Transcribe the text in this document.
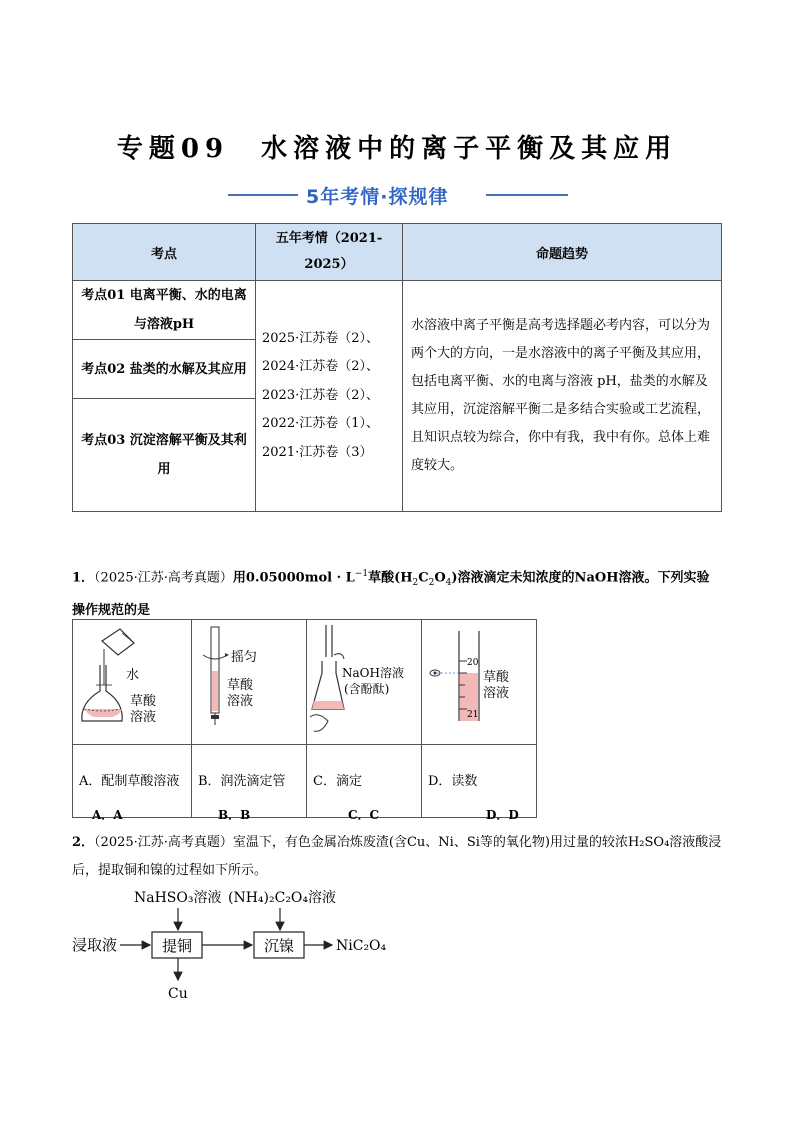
专题09　水溶液中的离子平衡及其应用
5年考情·探规律
考点	五年考情（2021-2025）	命题趋势
考点01 电离平衡、水的电离与溶液pH	2025·江苏卷（2）、
2024·江苏卷（2）、
2023·江苏卷（2）、
2022·江苏卷（1）、
2021·江苏卷（3）	水溶液中离子平衡是高考选择题必考内容，可以分为两个大的方向，一是水溶液中的离子平衡及其应用，包括电离平衡、水的电离与溶液 pH，盐类的水解及其应用，沉淀溶解平衡二是多结合实验或工艺流程，且知识点较为综合，你中有我，我中有你。总体上难度较大。
考点02 盐类的水解及其应用		
考点03 沉淀溶解平衡及其利用		
1．（2025·江苏·高考真题）用$0.05000mol \cdot L^{-1}$草酸$(H_2C_2O_4)$溶液滴定未知浓度的NaOH溶液。下列实验操作规范的是
水
草酸
溶液	摇匀
草酸
溶液	NaOH溶液
(含酚酞)	20
21
草酸
溶液

A．配制草酸溶液	B．润洗滴定管	C．滴定	D．读数
A．A	B．B	C．C	D．D
2．（2025·江苏·高考真题）室温下，有色金属冶炼废渣(含Cu、Ni、Si等的氧化物)用过量的较浓H₂SO₄溶液酸浸后，提取铜和镍的过程如下所示。
NaHSO₃溶液 (NH₄)₂C₂O₄溶液
浸取液	提铜	沉镍	NiC₂O₄
Cu
